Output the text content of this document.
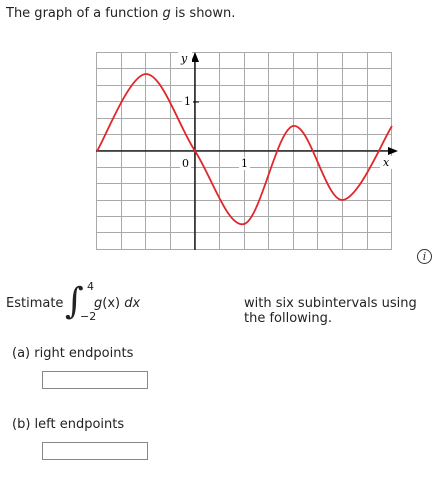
The graph of a function g is shown.
y
1
0	1	x
i
Estimate ∫ 4
−2
g(x) dx	with six subintervals using the following.
(a) right endpoints
(b) left endpoints
